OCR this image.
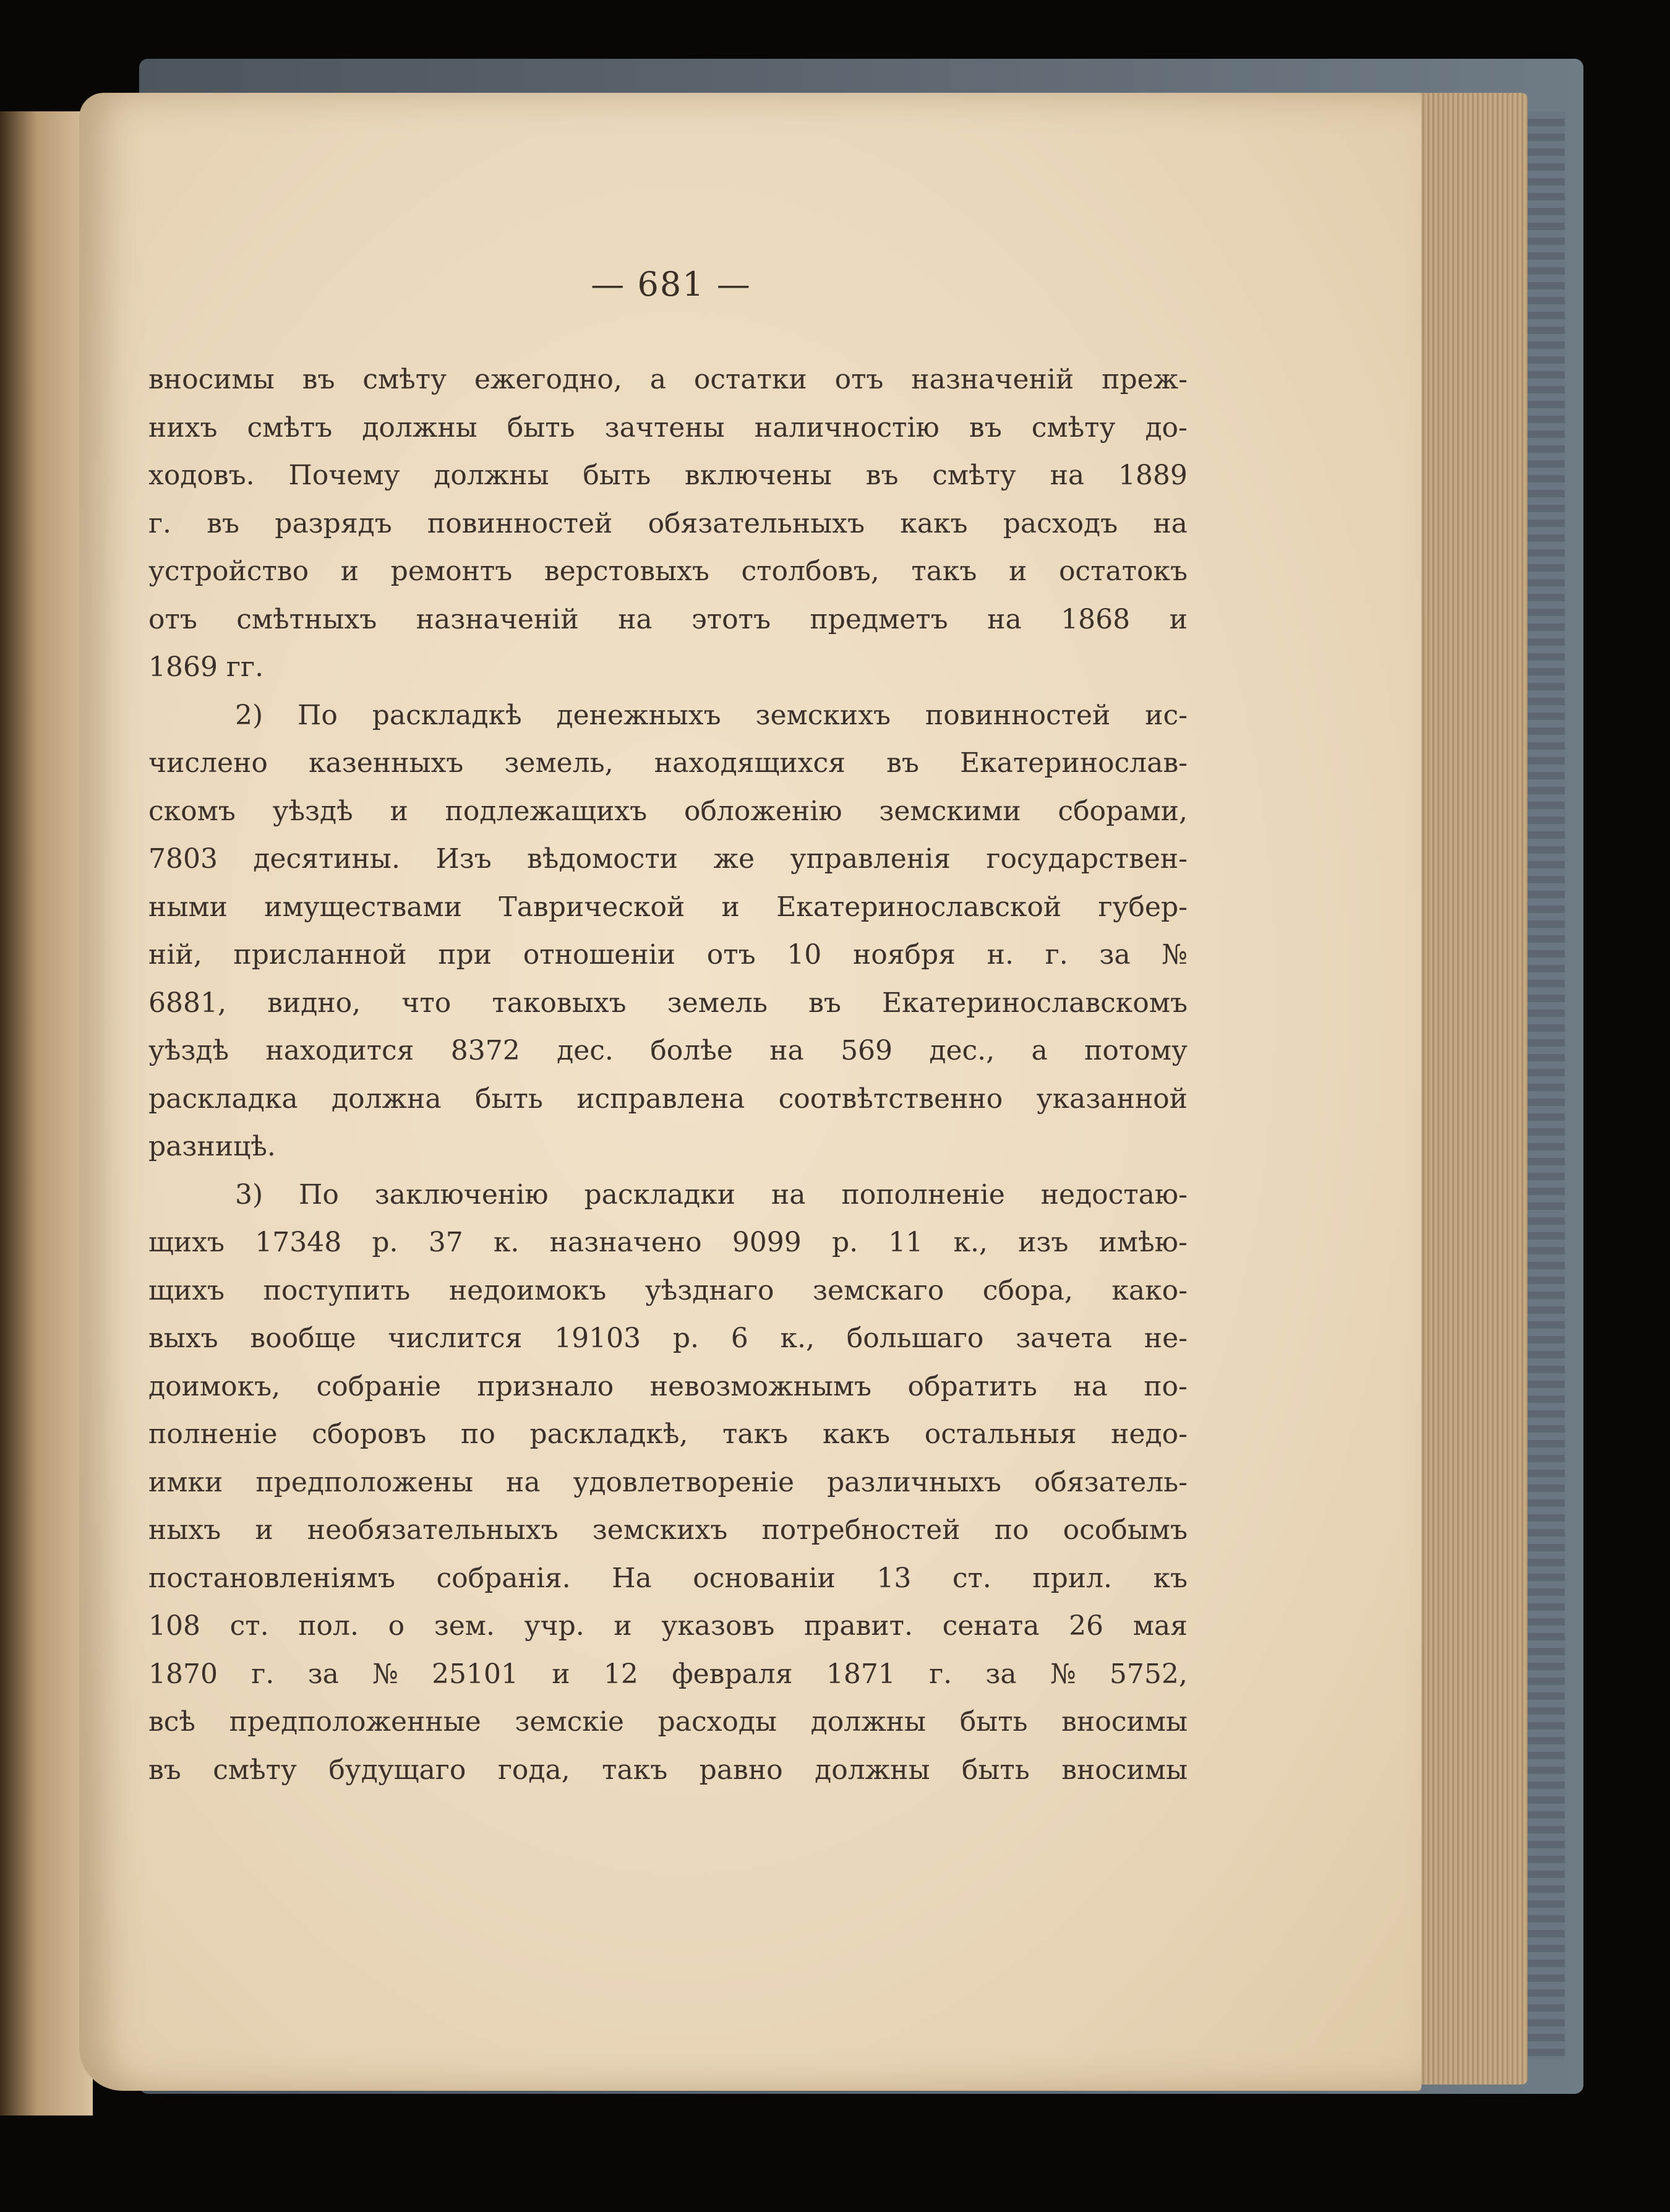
— 681 —
вносимы въ смѣту ежегодно, а остатки отъ назначенiй преж-
нихъ смѣтъ должны быть зачтены наличностiю въ смѣту до-
ходовъ. Почему должны быть включены въ смѣту на 1889
г. въ разрядъ повинностей обязательныхъ какъ расходъ на
устройство и ремонтъ верстовыхъ столбовъ, такъ и остатокъ
отъ смѣтныхъ назначенiй на этотъ предметъ на 1868 и
1869 гг.
2) По раскладкѣ денежныхъ земскихъ повинностей ис-
числено казенныхъ земель, находящихся въ Екатеринослав-
скомъ уѣздѣ и подлежащихъ обложенiю земскими сборами,
7803 десятины. Изъ вѣдомости же управленiя государствен-
ными имуществами Таврической и Екатеринославской губер-
нiй, присланной при отношенiи отъ 10 ноября н. г. за №
6881, видно, что таковыхъ земель въ Екатеринославскомъ
уѣздѣ находится 8372 дес. болѣе на 569 дес., а потому
раскладка должна быть исправлена соотвѣтственно указанной
разницѣ.
3) По заключенiю раскладки на пополненiе недостаю-
щихъ 17348 р. 37 к. назначено 9099 р. 11 к., изъ имѣю-
щихъ поступить недоимокъ уѣзднаго земскаго сбора, како-
выхъ вообще числится 19103 р. 6 к., большаго зачета не-
доимокъ, собранiе признало невозможнымъ обратить на по-
полненiе сборовъ по раскладкѣ, такъ какъ остальныя недо-
имки предположены на удовлетворенiе различныхъ обязатель-
ныхъ и необязательныхъ земскихъ потребностей по особымъ
постановленiямъ собранiя. На основанiи 13 ст. прил. къ
108 ст. пол. о зем. учр. и указовъ правит. сената 26 мая
1870 г. за № 25101 и 12 февраля 1871 г. за № 5752,
всѣ предположенные земскiе расходы должны быть вносимы
въ смѣту будущаго года, такъ равно должны быть вносимы
